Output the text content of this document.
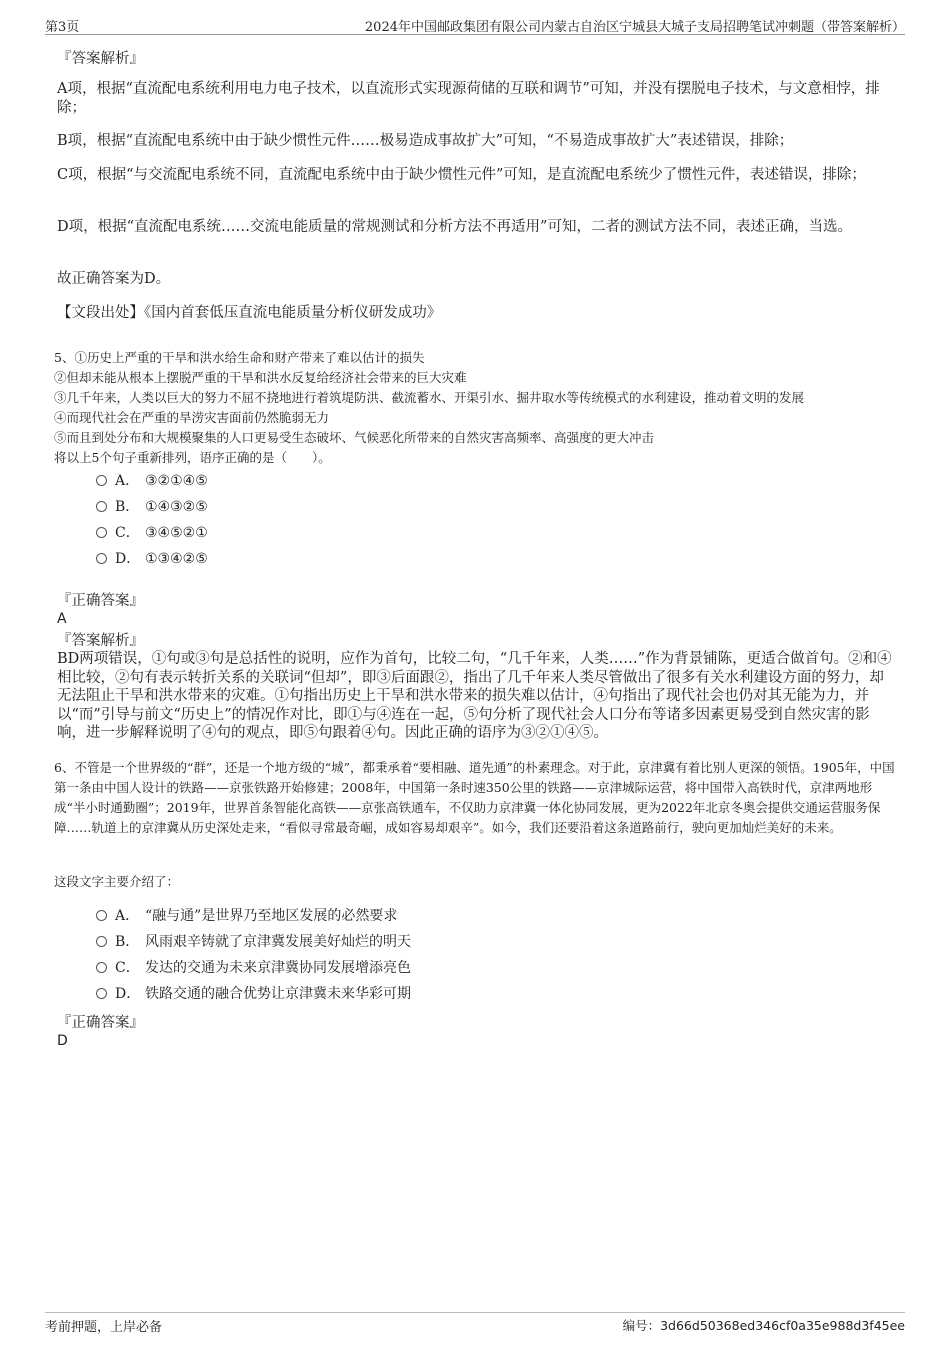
第3页	2024年中国邮政集团有限公司内蒙古自治区宁城县大城子支局招聘笔试冲刺题（带答案解析）
『答案解析』
A项，根据“直流配电系统利用电力电子技术，以直流形式实现源荷储的互联和调节”可知，并没有摆脱电子技术，与文意相悖，排除；
B项，根据“直流配电系统中由于缺少惯性元件……极易造成事故扩大”可知，“不易造成事故扩大”表述错误，排除；
C项，根据“与交流配电系统不同，直流配电系统中由于缺少惯性元件”可知，是直流配电系统少了惯性元件，表述错误，排除；
D项，根据“直流配电系统……交流电能质量的常规测试和分析方法不再适用”可知，二者的测试方法不同，表述正确，当选。
故正确答案为D。
【文段出处】《国内首套低压直流电能质量分析仪研发成功》
5、①历史上严重的干旱和洪水给生命和财产带来了难以估计的损失
②但却未能从根本上摆脱严重的干旱和洪水反复给经济社会带来的巨大灾难
③几千年来，人类以巨大的努力不屈不挠地进行着筑堤防洪、截流蓄水、开渠引水、掘井取水等传统模式的水利建设，推动着文明的发展
④而现代社会在严重的旱涝灾害面前仍然脆弱无力
⑤而且到处分布和大规模聚集的人口更易受生态破坏、气候恶化所带来的自然灾害高频率、高强度的更大冲击
将以上5个句子重新排列，语序正确的是（　　）。
A． ③②①④⑤
B． ①④③②⑤
C． ③④⑤②①
D． ①③④②⑤
『正确答案』
A
『答案解析』
BD两项错误，①句或③句是总括性的说明，应作为首句，比较二句，“几千年来，人类……”作为背景铺陈，更适合做首句。②和④相比较，②句有表示转折关系的关联词“但却”，即③后面跟②，指出了几千年来人类尽管做出了很多有关水利建设方面的努力，却无法阻止干旱和洪水带来的灾难。①句指出历史上干旱和洪水带来的损失难以估计，④句指出了现代社会也仍对其无能为力，并以“而”引导与前文“历史上”的情况作对比，即①与④连在一起，⑤句分析了现代社会人口分布等诸多因素更易受到自然灾害的影响，进一步解释说明了④句的观点，即⑤句跟着④句。因此正确的语序为③②①④⑤。
6、不管是一个世界级的“群”，还是一个地方级的“城”，都秉承着“要相融、道先通”的朴素理念。对于此，京津冀有着比别人更深的领悟。1905年，中国第一条由中国人设计的铁路——京张铁路开始修建；2008年，中国第一条时速350公里的铁路——京津城际运营，将中国带入高铁时代，京津两地形成“半小时通勤圈”；2019年，世界首条智能化高铁——京张高铁通车，不仅助力京津冀一体化协同发展，更为2022年北京冬奥会提供交通运营服务保障……轨道上的京津冀从历史深处走来，“看似寻常最奇崛，成如容易却艰辛”。如今，我们还要沿着这条道路前行，驶向更加灿烂美好的未来。
这段文字主要介绍了：
A． “融与通”是世界乃至地区发展的必然要求
B． 风雨艰辛铸就了京津冀发展美好灿烂的明天
C． 发达的交通为未来京津冀协同发展增添亮色
D． 铁路交通的融合优势让京津冀未来华彩可期
『正确答案』
D
考前押题，上岸必备	编号：3d66d50368ed346cf0a35e988d3f45ee
